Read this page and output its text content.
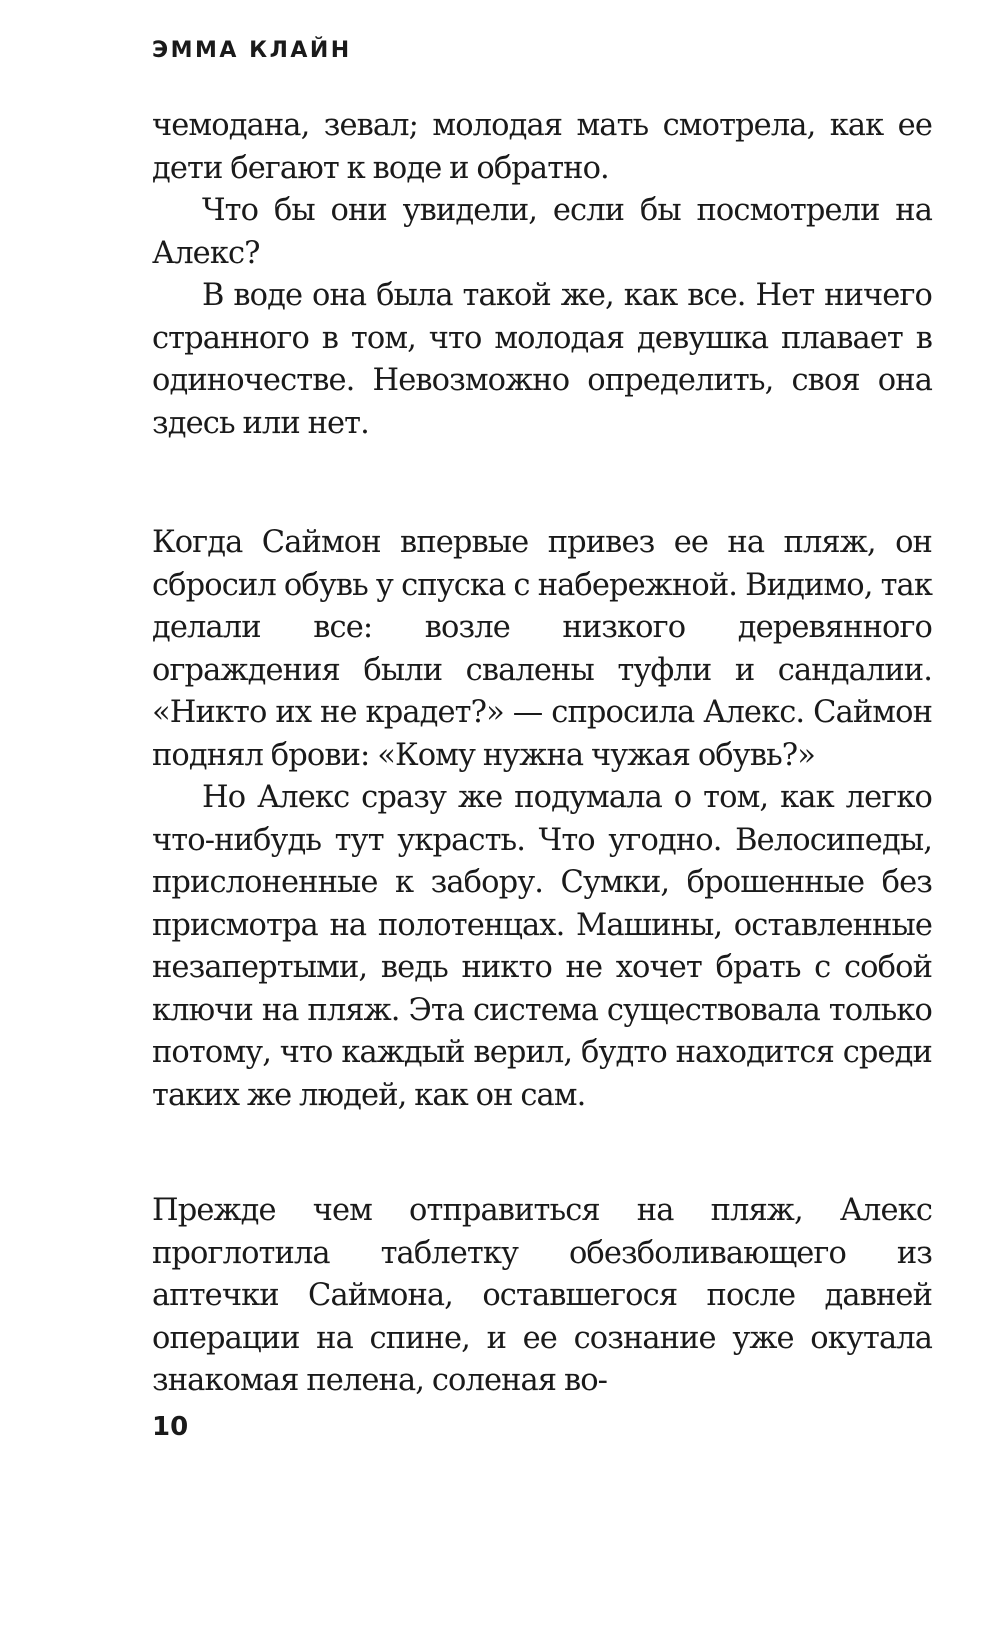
ЭММА КЛАЙН

чемодана, зевал; молодая мать смотрела, как ее дети бегают к воде и обратно.

Что бы они увидели, если бы посмотрели на Алекс?

В воде она была такой же, как все. Нет ничего странного в том, что молодая девушка плавает в одиночестве. Невозможно определить, своя она здесь или нет.

Когда Саймон впервые привез ее на пляж, он сбросил обувь у спуска с набережной. Видимо, так делали все: возле низкого деревянного ограждения были свалены туфли и сандалии. «Никто их не крадет?» — спросила Алекс. Саймон поднял брови: «Кому нужна чужая обувь?»

Но Алекс сразу же подумала о том, как легко что-нибудь тут украсть. Что угодно. Велосипеды, прислоненные к забору. Сумки, брошенные без присмотра на полотенцах. Машины, оставленные незапертыми, ведь никто не хочет брать с собой ключи на пляж. Эта система существовала только потому, что каждый верил, будто находится среди таких же людей, как он сам.

Прежде чем отправиться на пляж, Алекс проглотила таблетку обезболивающего из аптечки Саймона, оставшегося после давней операции на спине, и ее сознание уже окутала знакомая пелена, соленая во-

10
